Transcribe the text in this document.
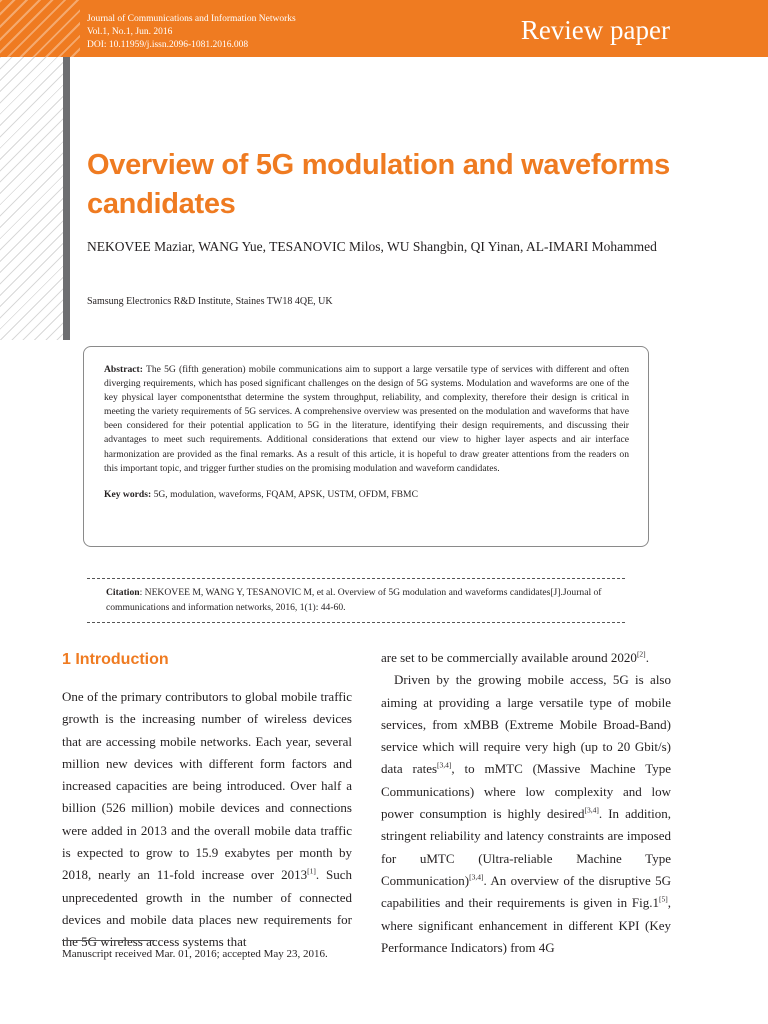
Journal of Communications and Information Networks
Vol.1, No.1, Jun. 2016
DOI: 10.11959/j.issn.2096-1081.2016.008	Review paper
Overview of 5G modulation and waveforms candidates
NEKOVEE Maziar, WANG Yue, TESANOVIC Milos, WU Shangbin, QI Yinan, AL-IMARI Mohammed
Samsung Electronics R&D Institute, Staines TW18 4QE, UK

Abstract: The 5G (fifth generation) mobile communications aim to support a large versatile type of services with different and often diverging requirements, which has posed significant challenges on the design of 5G systems. Modulation and waveforms are one of the key physical layer componentsthat determine the system throughput, reliability, and complexity, therefore their design is critical in meeting the variety requirements of 5G services. A comprehensive overview was presented on the modulation and waveforms that have been considered for their potential application to 5G in the literature, identifying their design requirements, and discussing their advantages to meet such requirements. Additional considerations that extend our view to higher layer aspects and air interface harmonization are provided as the final remarks. As a result of this article, it is hopeful to draw greater attentions from the readers on this important topic, and trigger further studies on the promising modulation and waveform candidates.

Key words: 5G, modulation, waveforms, FQAM, APSK, USTM, OFDM, FBMC

Citation: NEKOVEE M, WANG Y, TESANOVIC M, et al. Overview of 5G modulation and waveforms candidates[J].Journal of communications and information networks, 2016, 1(1): 44-60.
1 Introduction

One of the primary contributors to global mobile traffic growth is the increasing number of wireless devices that are accessing mobile networks. Each year, several million new devices with different form factors and increased capacities are being introduced. Over half a billion (526 million) mobile devices and connections were added in 2013 and the overall mobile data traffic is expected to grow to 15.9 exabytes per month by 2018, nearly an 11-fold increase over 2013[1]. Such unprecedented growth in the number of connected devices and mobile data places new requirements for the 5G wireless access systems that

are set to be commercially available around 2020[2].

Driven by the growing mobile access, 5G is also aiming at providing a large versatile type of mobile services, from xMBB (Extreme Mobile Broad-Band) service which will require very high (up to 20 Gbit/s) data rates[3,4], to mMTC (Massive Machine Type Communications) where low complexity and low power consumption is highly desired[3,4]. In addition, stringent reliability and latency constraints are imposed for uMTC (Ultra-reliable Machine Type Communication)[3,4]. An overview of the disruptive 5G capabilities and their requirements is given in Fig.1[5], where significant enhancement in different KPI (Key Performance Indicators) from 4G

Manuscript received Mar. 01, 2016; accepted May 23, 2016.
